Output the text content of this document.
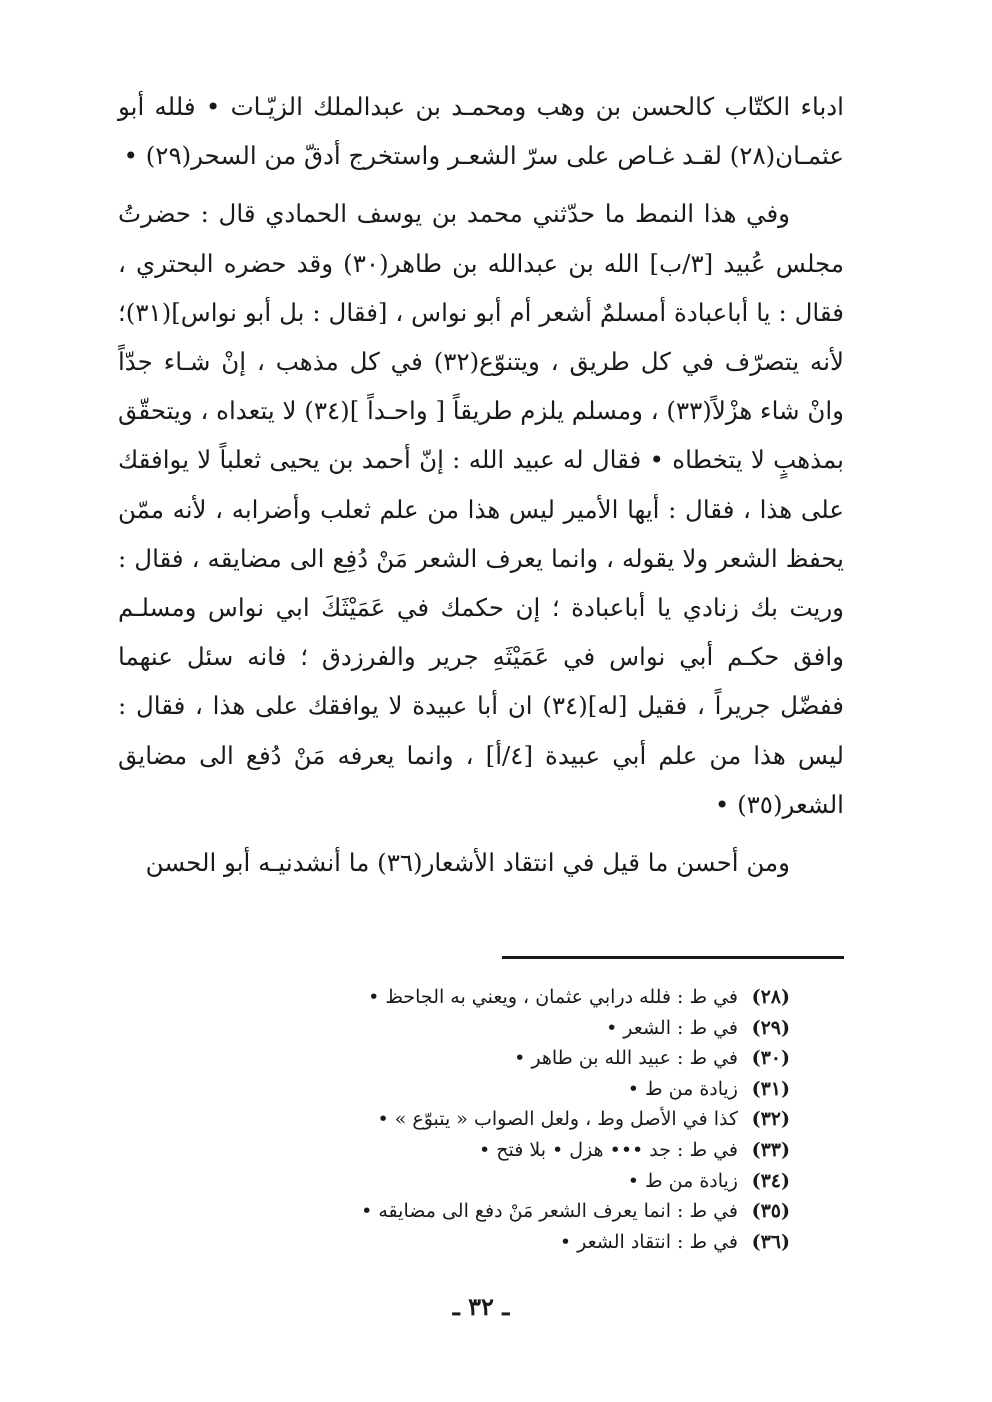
ادباء الكتّاب كالحسن بن وهب ومحمـد بن عبدالملك الزيّـات • فلله أبو عثمـان(٢٨) لقـد غـاص على سرّ الشعـر واستخرج أدقّ من السحر(٢٩) •

وفي هذا النمط ما حدّثني محمد بن يوسف الحمادي قال : حضرتُ مجلس عُبيد [٣/ب] الله بن عبدالله بن طاهر(٣٠) وقد حضره البحتري ، فقال : يا أباعبادة أمسلمٌ أشعر أم أبو نواس ، [فقال : بل أبو نواس](٣١)؛ لأنه يتصرّف في كل طريق ، ويتنوّع(٣٢) في كل مذهب ، إنْ شـاء جدّاً وانْ شاء هزْلاً(٣٣) ، ومسلم يلزم طريقاً [ واحـداً ](٣٤) لا يتعداه ، ويتحقّق بمذهبٍ لا يتخطاه • فقال له عبيد الله : إنّ أحمد بن يحيى ثعلباً لا يوافقك على هذا ، فقال : أيها الأمير ليس هذا من علم ثعلب وأضرابه ، لأنه ممّن يحفظ الشعر ولا يقوله ، وانما يعرف الشعر مَنْ دُفِع الى مضايقه ، فقال : وريت بك زنادي يا أباعبادة ؛ إن حكمك في عَمَيْثَكَ ابي نواس ومسلـم وافق حكـم أبي نواس في عَمَيْثَهِ جرير والفرزدق ؛ فانه سئل عنهما ففضّل جريراً ، فقيل [له](٣٤) ان أبا عبيدة لا يوافقك على هذا ، فقال : ليس هذا من علم أبي عبيدة [٤/أ] ، وانما يعرفه مَنْ دُفع الى مضايق الشعر(٣٥) •

ومن أحسن ما قيل في انتقاد الأشعار(٣٦) ما أنشدنيـه أبو الحسن

(٢٨)في ط : فلله درابي عثمان ، ويعني به الجاحظ •
(٢٩)في ط : الشعر •
(٣٠)في ط : عبيد الله بن طاهر •
(٣١)زيادة من ط •
(٣٢)كذا في الأصل وط ، ولعل الصواب « يتبوّع » •
(٣٣)في ط : جد ••• هزل • بلا فتح •
(٣٤)زيادة من ط •
(٣٥)في ط : انما يعرف الشعر مَنْ دفع الى مضايقه •
(٣٦)في ط : انتقاد الشعر •
ـ ٣٢ ـ
